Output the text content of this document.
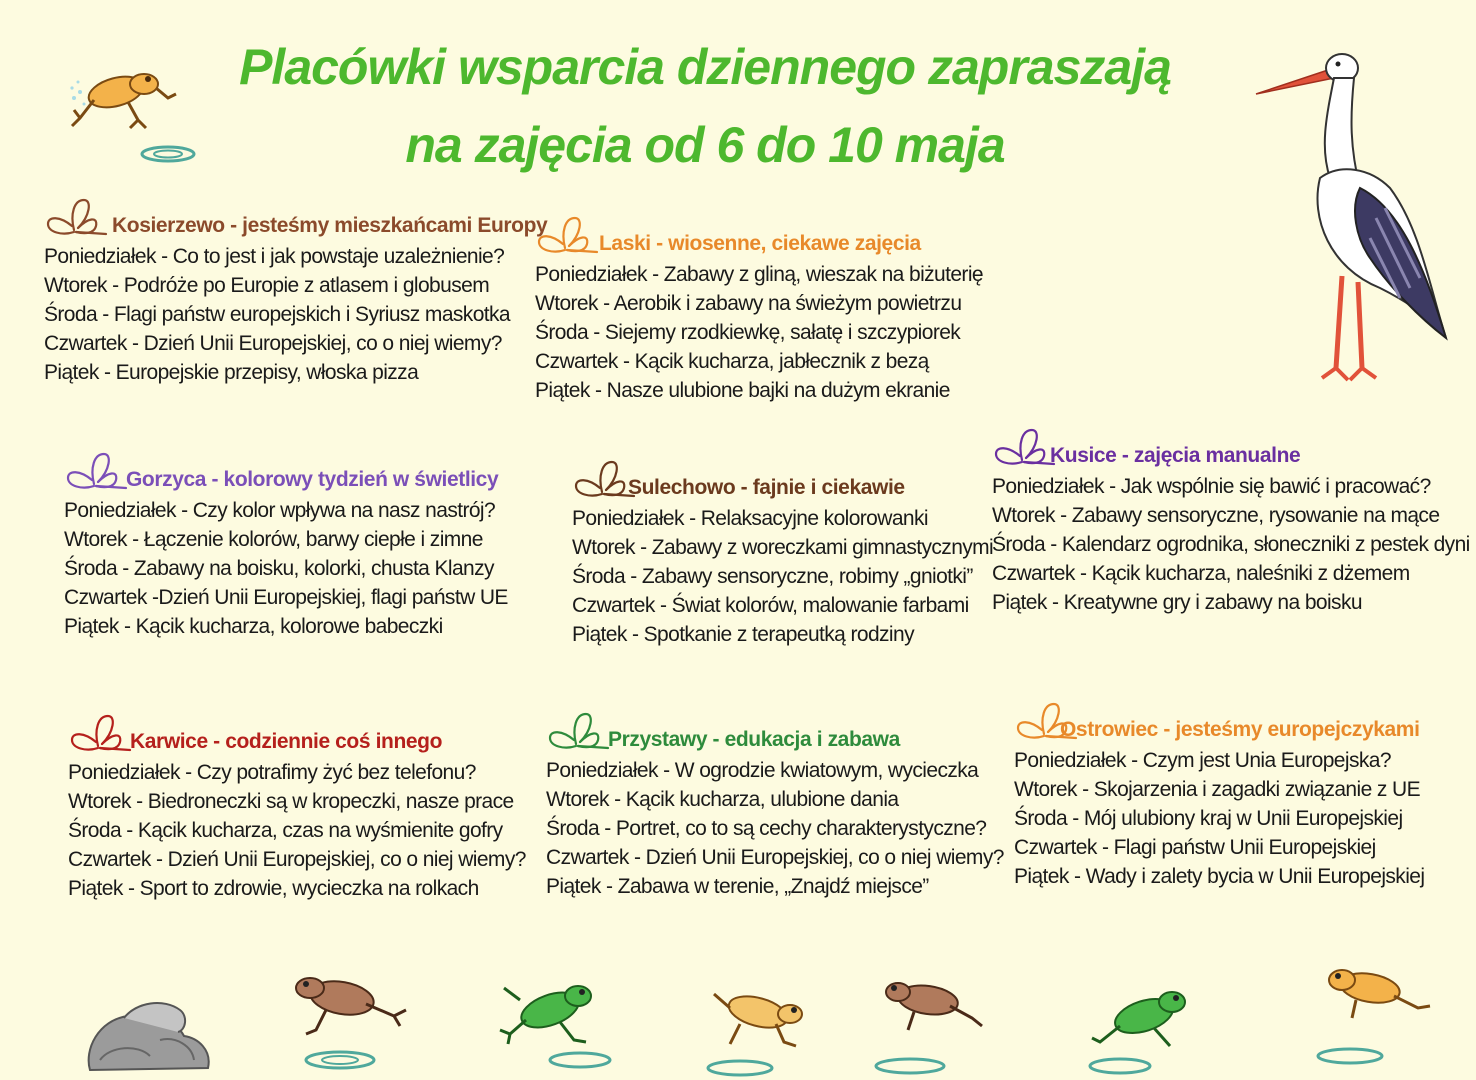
Placówki wsparcia dziennego zapraszają
na zajęcia od 6 do 10 maja
Kosierzewo - jesteśmy mieszkańcami Europy
Poniedziałek - Co to jest i jak powstaje uzależnienie?
Wtorek - Podróże po Europie z atlasem i globusem
Środa - Flagi państw europejskich i Syriusz maskotka
Czwartek - Dzień Unii Europejskiej, co o niej wiemy?
Piątek - Europejskie przepisy, włoska pizza
Laski - wiosenne, ciekawe zajęcia
Poniedziałek - Zabawy z gliną, wieszak na biżuterię
Wtorek - Aerobik i zabawy na świeżym powietrzu
Środa - Siejemy rzodkiewkę, sałatę i szczypiorek
Czwartek - Kącik kucharza, jabłecznik z bezą
Piątek - Nasze ulubione bajki na dużym ekranie
Gorzyca - kolorowy tydzień w świetlicy
Poniedziałek - Czy kolor wpływa na nasz nastrój?
Wtorek - Łączenie kolorów, barwy ciepłe i zimne
Środa - Zabawy na boisku, kolorki, chusta Klanzy
Czwartek -Dzień Unii Europejskiej, flagi państw UE
Piątek - Kącik kucharza, kolorowe babeczki
Sulechowo - fajnie i ciekawie
Poniedziałek - Relaksacyjne kolorowanki
Wtorek - Zabawy z woreczkami gimnastycznymi
Środa - Zabawy sensoryczne, robimy „gniotki”
Czwartek - Świat kolorów, malowanie farbami
Piątek - Spotkanie z terapeutką rodziny
Kusice - zajęcia manualne
Poniedziałek - Jak wspólnie się bawić i pracować?
Wtorek - Zabawy sensoryczne, rysowanie na mące
Środa - Kalendarz ogrodnika, słoneczniki z pestek dyni
Czwartek - Kącik kucharza, naleśniki z dżemem
Piątek - Kreatywne gry i zabawy na boisku
Karwice - codziennie coś innego
Poniedziałek - Czy potrafimy żyć bez telefonu?
Wtorek - Biedroneczki są w kropeczki, nasze prace
Środa - Kącik kucharza, czas na wyśmienite gofry
Czwartek - Dzień Unii Europejskiej, co o niej wiemy?
Piątek - Sport to zdrowie, wycieczka na rolkach
Przystawy - edukacja i zabawa
Poniedziałek - W ogrodzie kwiatowym, wycieczka
Wtorek - Kącik kucharza, ulubione dania
Środa - Portret, co to są cechy charakterystyczne?
Czwartek - Dzień Unii Europejskiej, co o niej wiemy?
Piątek - Zabawa w terenie, „Znajdź miejsce”
Ostrowiec - jesteśmy europejczykami
Poniedziałek - Czym jest Unia Europejska?
Wtorek - Skojarzenia i zagadki związanie z UE
Środa - Mój ulubiony kraj w Unii Europejskiej
Czwartek - Flagi państw Unii Europejskiej
Piątek - Wady i zalety bycia w Unii Europejskiej
